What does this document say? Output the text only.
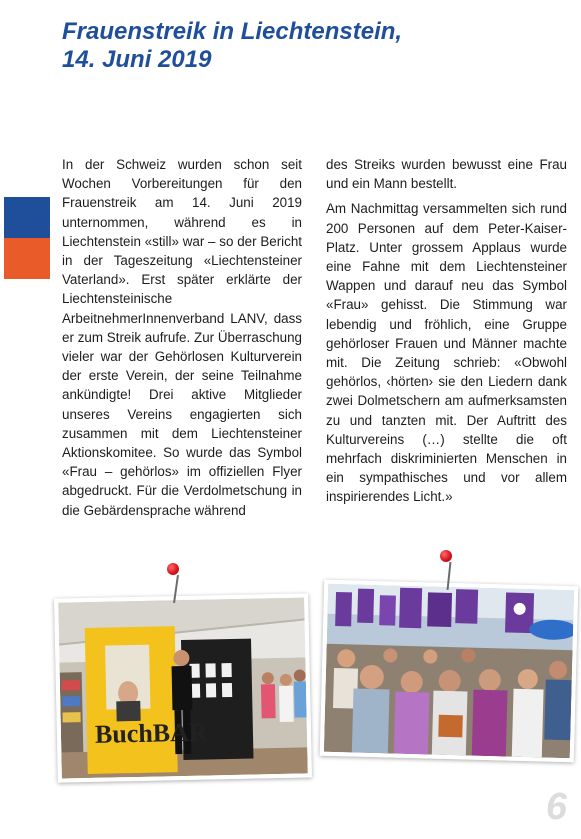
Frauenstreik in Liechtenstein,
14. Juni 2019

In der Schweiz wurden schon seit Wochen Vorbereitungen für den Frauenstreik am 14. Juni 2019 unternommen, während es in Liechtenstein «still» war – so der Bericht in der Tageszeitung «Liechtensteiner Vaterland». Erst später erklärte der Liechtensteinische ArbeitnehmerInnenverband LANV, dass er zum Streik aufrufe. Zur Überraschung vieler war der Gehörlosen Kulturverein der erste Verein, der seine Teilnahme ankündigte! Drei aktive Mitglieder unseres Vereins engagierten sich zusammen mit dem Liechtensteiner Aktionskomitee. So wurde das Symbol «Frau – gehörlos» im offiziellen Flyer abgedruckt. Für die Verdolmetschung in die Gebärdensprache während

des Streiks wurden bewusst eine Frau und ein Mann bestellt.

Am Nachmittag versammelten sich rund 200 Personen auf dem Peter-Kaiser-Platz. Unter grossem Applaus wurde eine Fahne mit dem Liechtensteiner Wappen und darauf neu das Symbol «Frau» gehisst. Die Stimmung war lebendig und fröhlich, eine Gruppe gehörloser Frauen und Männer machte mit. Die Zeitung schrieb: «Obwohl gehörlos, ‹hörten› sie den Liedern dank zwei Dolmetschern am aufmerksamsten zu und tanzten mit. Der Auftritt des Kulturvereins (…) stellte die oft mehrfach diskriminierten Menschen in ein sympathisches und vor allem inspirierendes Licht.»

BuchBAR
6
